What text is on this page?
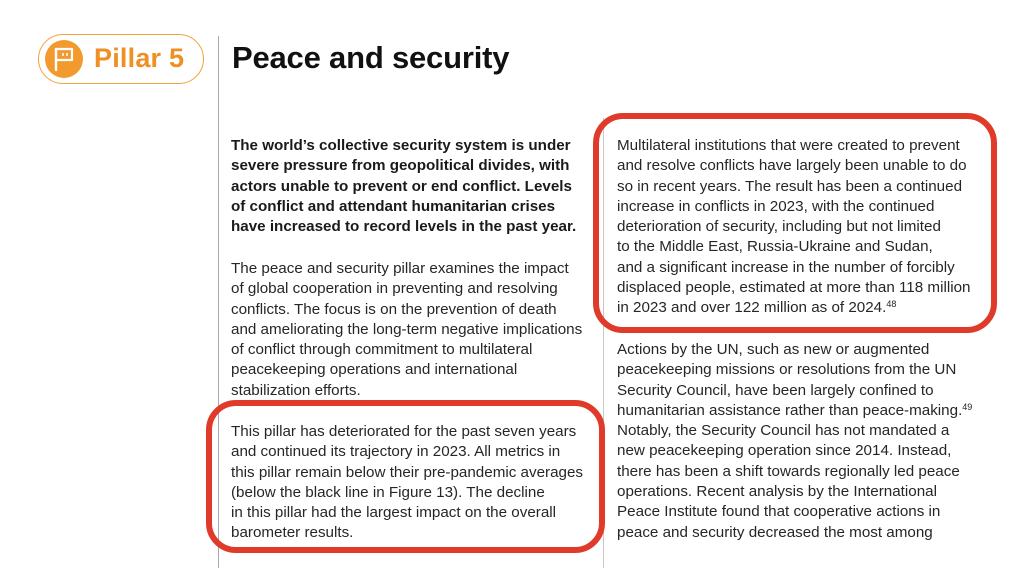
Pillar 5 Peace and security

The world’s collective security system is under
severe pressure from geopolitical divides, with
actors unable to prevent or end conflict. Levels
of conflict and attendant humanitarian crises
have increased to record levels in the past year.

The peace and security pillar examines the impact
of global cooperation in preventing and resolving
conflicts. The focus is on the prevention of death
and ameliorating the long-term negative implications
of conflict through commitment to multilateral
peacekeeping operations and international
stabilization efforts.

This pillar has deteriorated for the past seven years
and continued its trajectory in 2023. All metrics in
this pillar remain below their pre-pandemic averages
(below the black line in Figure 13). The decline
in this pillar had the largest impact on the overall
barometer results.

Multilateral institutions that were created to prevent
and resolve conflicts have largely been unable to do
so in recent years. The result has been a continued
increase in conflicts in 2023, with the continued
deterioration of security, including but not limited
to the Middle East, Russia-Ukraine and Sudan,
and a significant increase in the number of forcibly
displaced people, estimated at more than 118 million
in 2023 and over 122 million as of 2024.48

Actions by the UN, such as new or augmented
peacekeeping missions or resolutions from the UN
Security Council, have been largely confined to
humanitarian assistance rather than peace-making.$^{49}$
Notably, the Security Council has not mandated a
new peacekeeping operation since 2014. Instead,
there has been a shift towards regionally led peace
operations. Recent analysis by the International
Peace Institute found that cooperative actions in
peace and security decreased the most among
